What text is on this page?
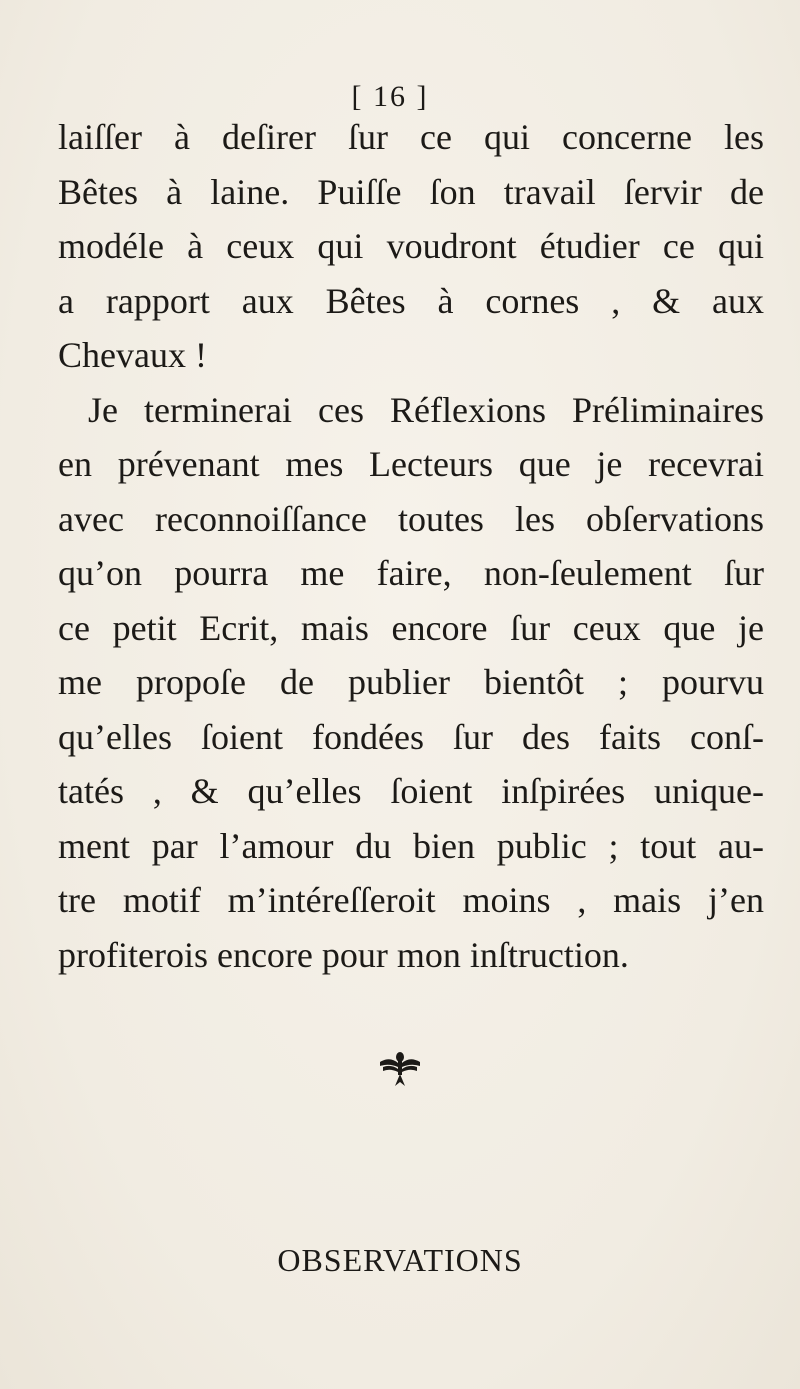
[ 16 ]
laiſſer à deſirer ſur ce qui concerne les
Bêtes à laine. Puiſſe ſon travail ſervir de
modéle à ceux qui voudront étudier ce qui
a rapport aux Bêtes à cornes , & aux
Chevaux !
Je terminerai ces Réflexions Préliminaires
en prévenant mes Lecteurs que je recevrai
avec reconnoiſſance toutes les obſervations
qu’on pourra me faire, non-ſeulement ſur
ce petit Ecrit, mais encore ſur ceux que je
me propoſe de publier bientôt ; pourvu
qu’elles ſoient fondées ſur des faits conſ-
tatés , & qu’elles ſoient inſpirées unique-
ment par l’amour du bien public ; tout au-
tre motif m’intéreſſeroit moins , mais j’en
profiterois encore pour mon inſtruction.
OBSERVATIONS
